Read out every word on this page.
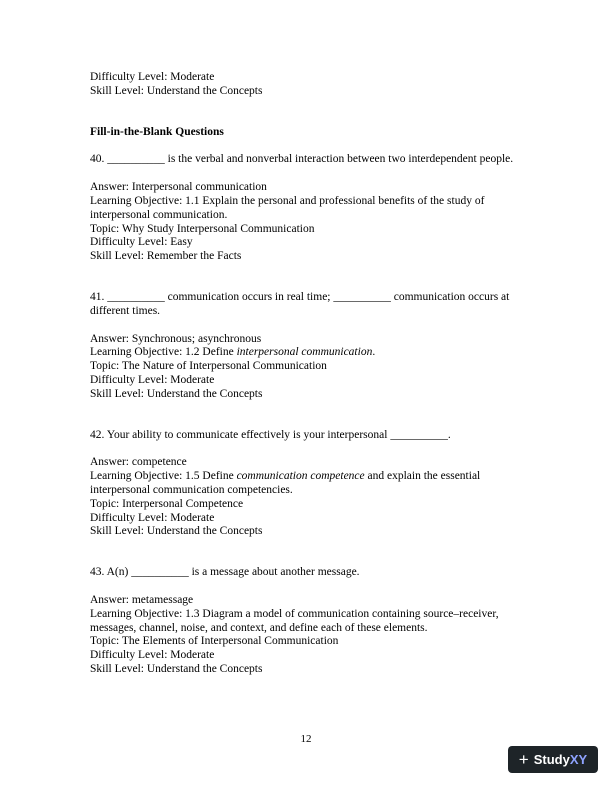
Difficulty Level: Moderate
Skill Level: Understand the Concepts
Fill-in-the-Blank Questions
40. __________ is the verbal and nonverbal interaction between two interdependent people.
Answer: Interpersonal communication
Learning Objective: 1.1 Explain the personal and professional benefits of the study of interpersonal communication.
Topic: Why Study Interpersonal Communication
Difficulty Level: Easy
Skill Level: Remember the Facts
41. __________ communication occurs in real time; __________ communication occurs at different times.
Answer: Synchronous; asynchronous
Learning Objective: 1.2 Define interpersonal communication.
Topic: The Nature of Interpersonal Communication
Difficulty Level: Moderate
Skill Level: Understand the Concepts
42. Your ability to communicate effectively is your interpersonal __________.
Answer: competence
Learning Objective: 1.5 Define communication competence and explain the essential interpersonal communication competencies.
Topic: Interpersonal Competence
Difficulty Level: Moderate
Skill Level: Understand the Concepts
43. A(n) __________ is a message about another message.
Answer: metamessage
Learning Objective: 1.3 Diagram a model of communication containing source–receiver, messages, channel, noise, and context, and define each of these elements.
Topic: The Elements of Interpersonal Communication
Difficulty Level: Moderate
Skill Level: Understand the Concepts
12
+ Study XY
